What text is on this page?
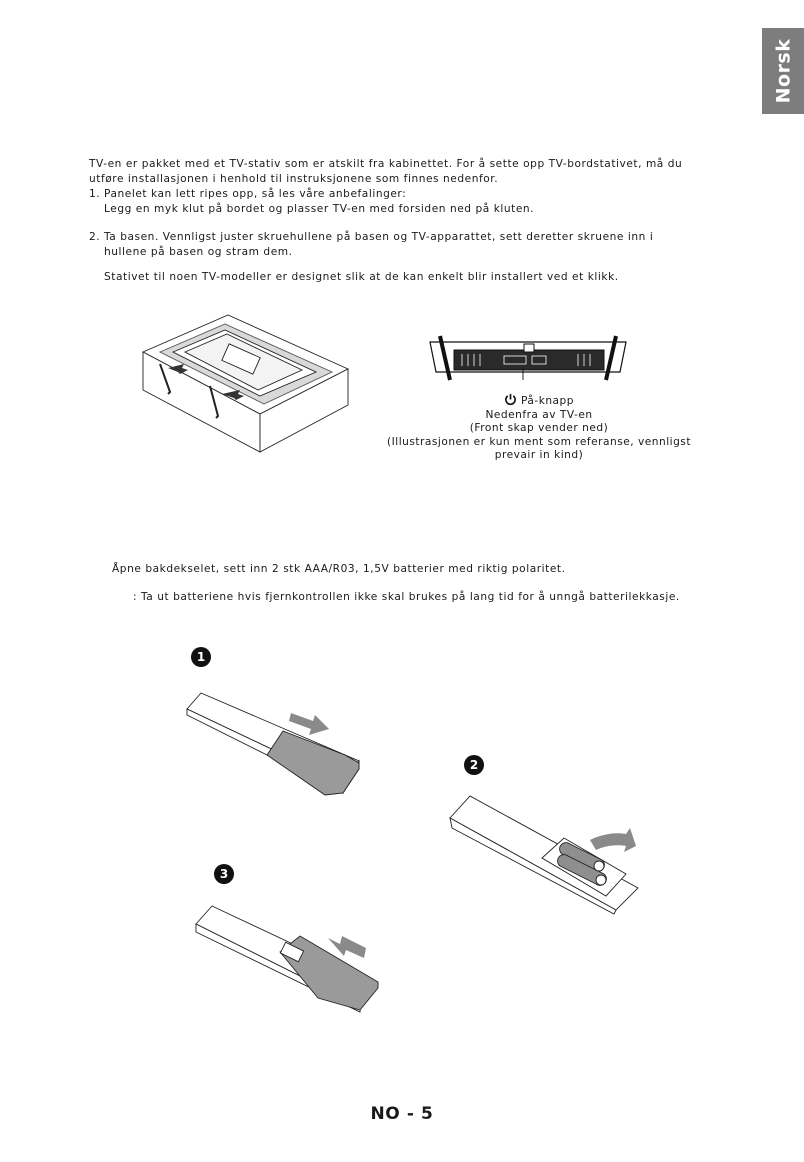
Norsk
TV-en er pakket med et TV-stativ som er atskilt fra kabinettet. For å sette opp TV-bordstativet, må du
utføre installasjonen i henhold til instruksjonene som finnes nedenfor.
1. Panelet kan lett ripes opp, så les våre anbefalinger:
Legg en myk klut på bordet og plasser TV-en med forsiden ned på kluten.
2. Ta basen. Vennligst juster skruehullene på basen og TV-apparattet, sett deretter skruene inn i
hullene på basen og stram dem.
Stativet til noen TV-modeller er designet slik at de kan enkelt blir installert ved et klikk.
På-knapp
Nedenfra av TV-en
(Front skap vender ned)
(Illustrasjonen er kun ment som referanse, vennligst
prevair in kind)
Åpne bakdekselet, sett inn 2 stk AAA/R03, 1,5V batterier med riktig polaritet.
: Ta ut batteriene hvis fjernkontrollen ikke skal brukes på lang tid for å unngå batterilekkasje.
1
2
3
NO - 5
